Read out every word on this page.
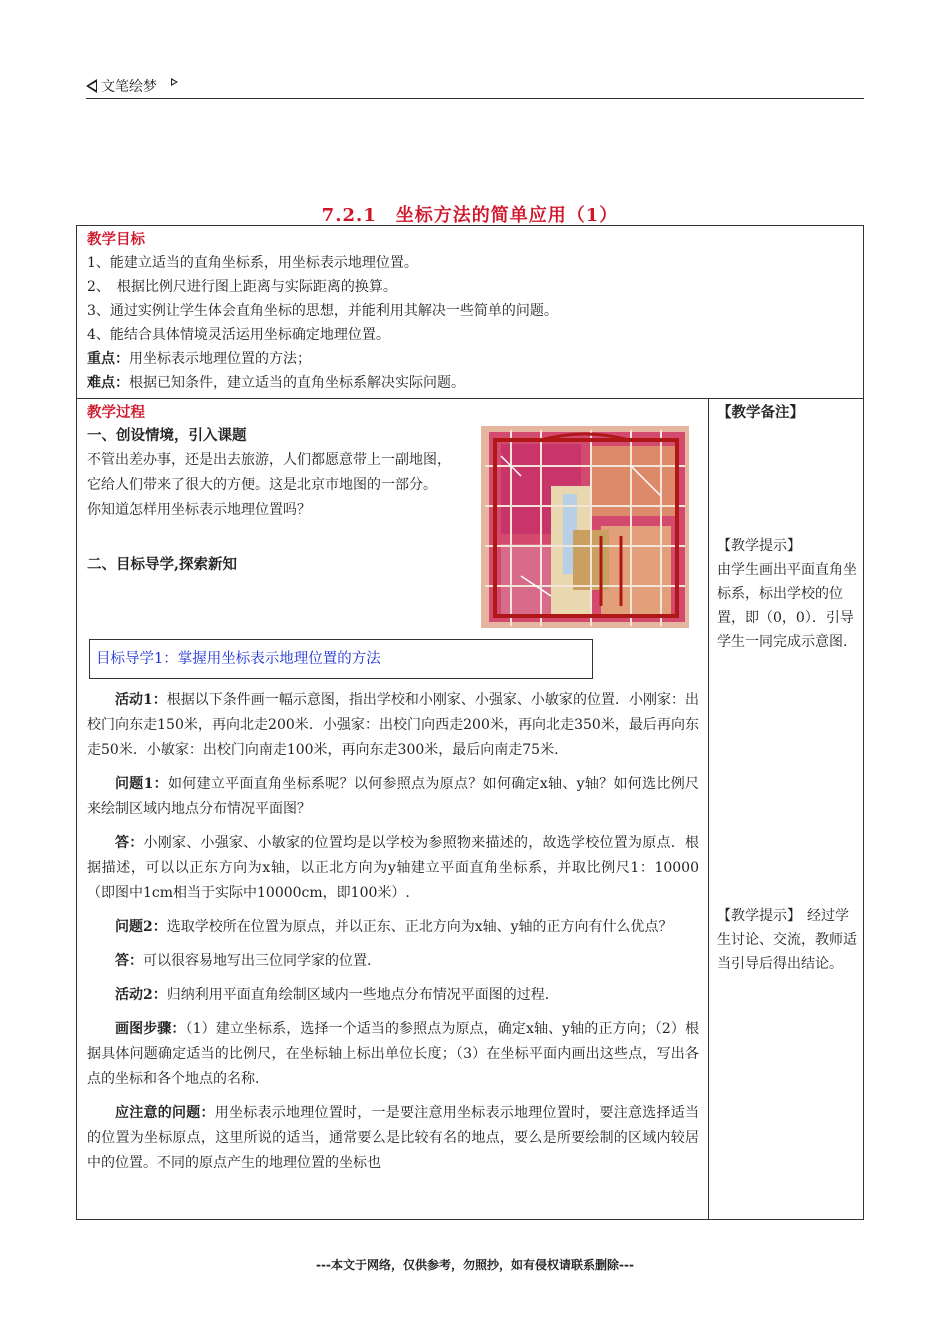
文笔绘梦
7.2.1　坐标方法的简单应用（1）
教学目标
1、能建立适当的直角坐标系，用坐标表示地理位置。
2、　根据比例尺进行图上距离与实际距离的换算。
3、通过实例让学生体会直角坐标的思想，并能利用其解决一些简单的问题。
4、能结合具体情境灵活运用坐标确定地理位置。
重点：用坐标表示地理位置的方法；
难点：根据已知条件，建立适当的直角坐标系解决实际问题。
教学过程
一、创设情境，引入课题
不管出差办事，还是出去旅游，人们都愿意带上一副地图，它给人们带来了很大的方便。这是北京市地图的一部分。
你知道怎样用坐标表示地理位置吗？
二、目标导学,探索新知
目标导学1：掌握用坐标表示地理位置的方法

活动1：根据以下条件画一幅示意图，指出学校和小刚家、小强家、小敏家的位置．小刚家：出校门向东走150米，再向北走200米．小强家：出校门向西走200米，再向北走350米，最后再向东走50米．小敏家：出校门向南走100米，再向东走300米，最后向南走75米.

问题1：如何建立平面直角坐标系呢？以何参照点为原点？如何确定x轴、y轴？如何选比例尺来绘制区域内地点分布情况平面图？

答：小刚家、小强家、小敏家的位置均是以学校为参照物来描述的，故选学校位置为原点．根据描述，可以以正东方向为x轴，以正北方向为y轴建立平面直角坐标系，并取比例尺1：10000（即图中1cm相当于实际中10000cm，即100米）.

问题2：选取学校所在位置为原点，并以正东、正北方向为x轴、y轴的正方向有什么优点？

答：可以很容易地写出三位同学家的位置.

活动2：归纳利用平面直角绘制区域内一些地点分布情况平面图的过程.

画图步骤：（1）建立坐标系，选择一个适当的参照点为原点，确定x轴、y轴的正方向；（2）根据具体问题确定适当的比例尺，在坐标轴上标出单位长度；（3）在坐标平面内画出这些点，写出各点的坐标和各个地点的名称.

应注意的问题：用坐标表示地理位置时，一是要注意用坐标表示地理位置时，要注意选择适当的位置为坐标原点，这里所说的适当，通常要么是比较有名的地点，要么是所要绘制的区域内较居中的位置。不同的原点产生的地理位置的坐标也

【教学备注】
【教学提示】
由学生画出平面直角坐标系，标出学校的位置，即（0，0）．引导学生一同完成示意图.
【教学提示】 经过学生讨论、交流，教师适当引导后得出结论。
---本文于网络，仅供参考，勿照抄，如有侵权请联系删除---
